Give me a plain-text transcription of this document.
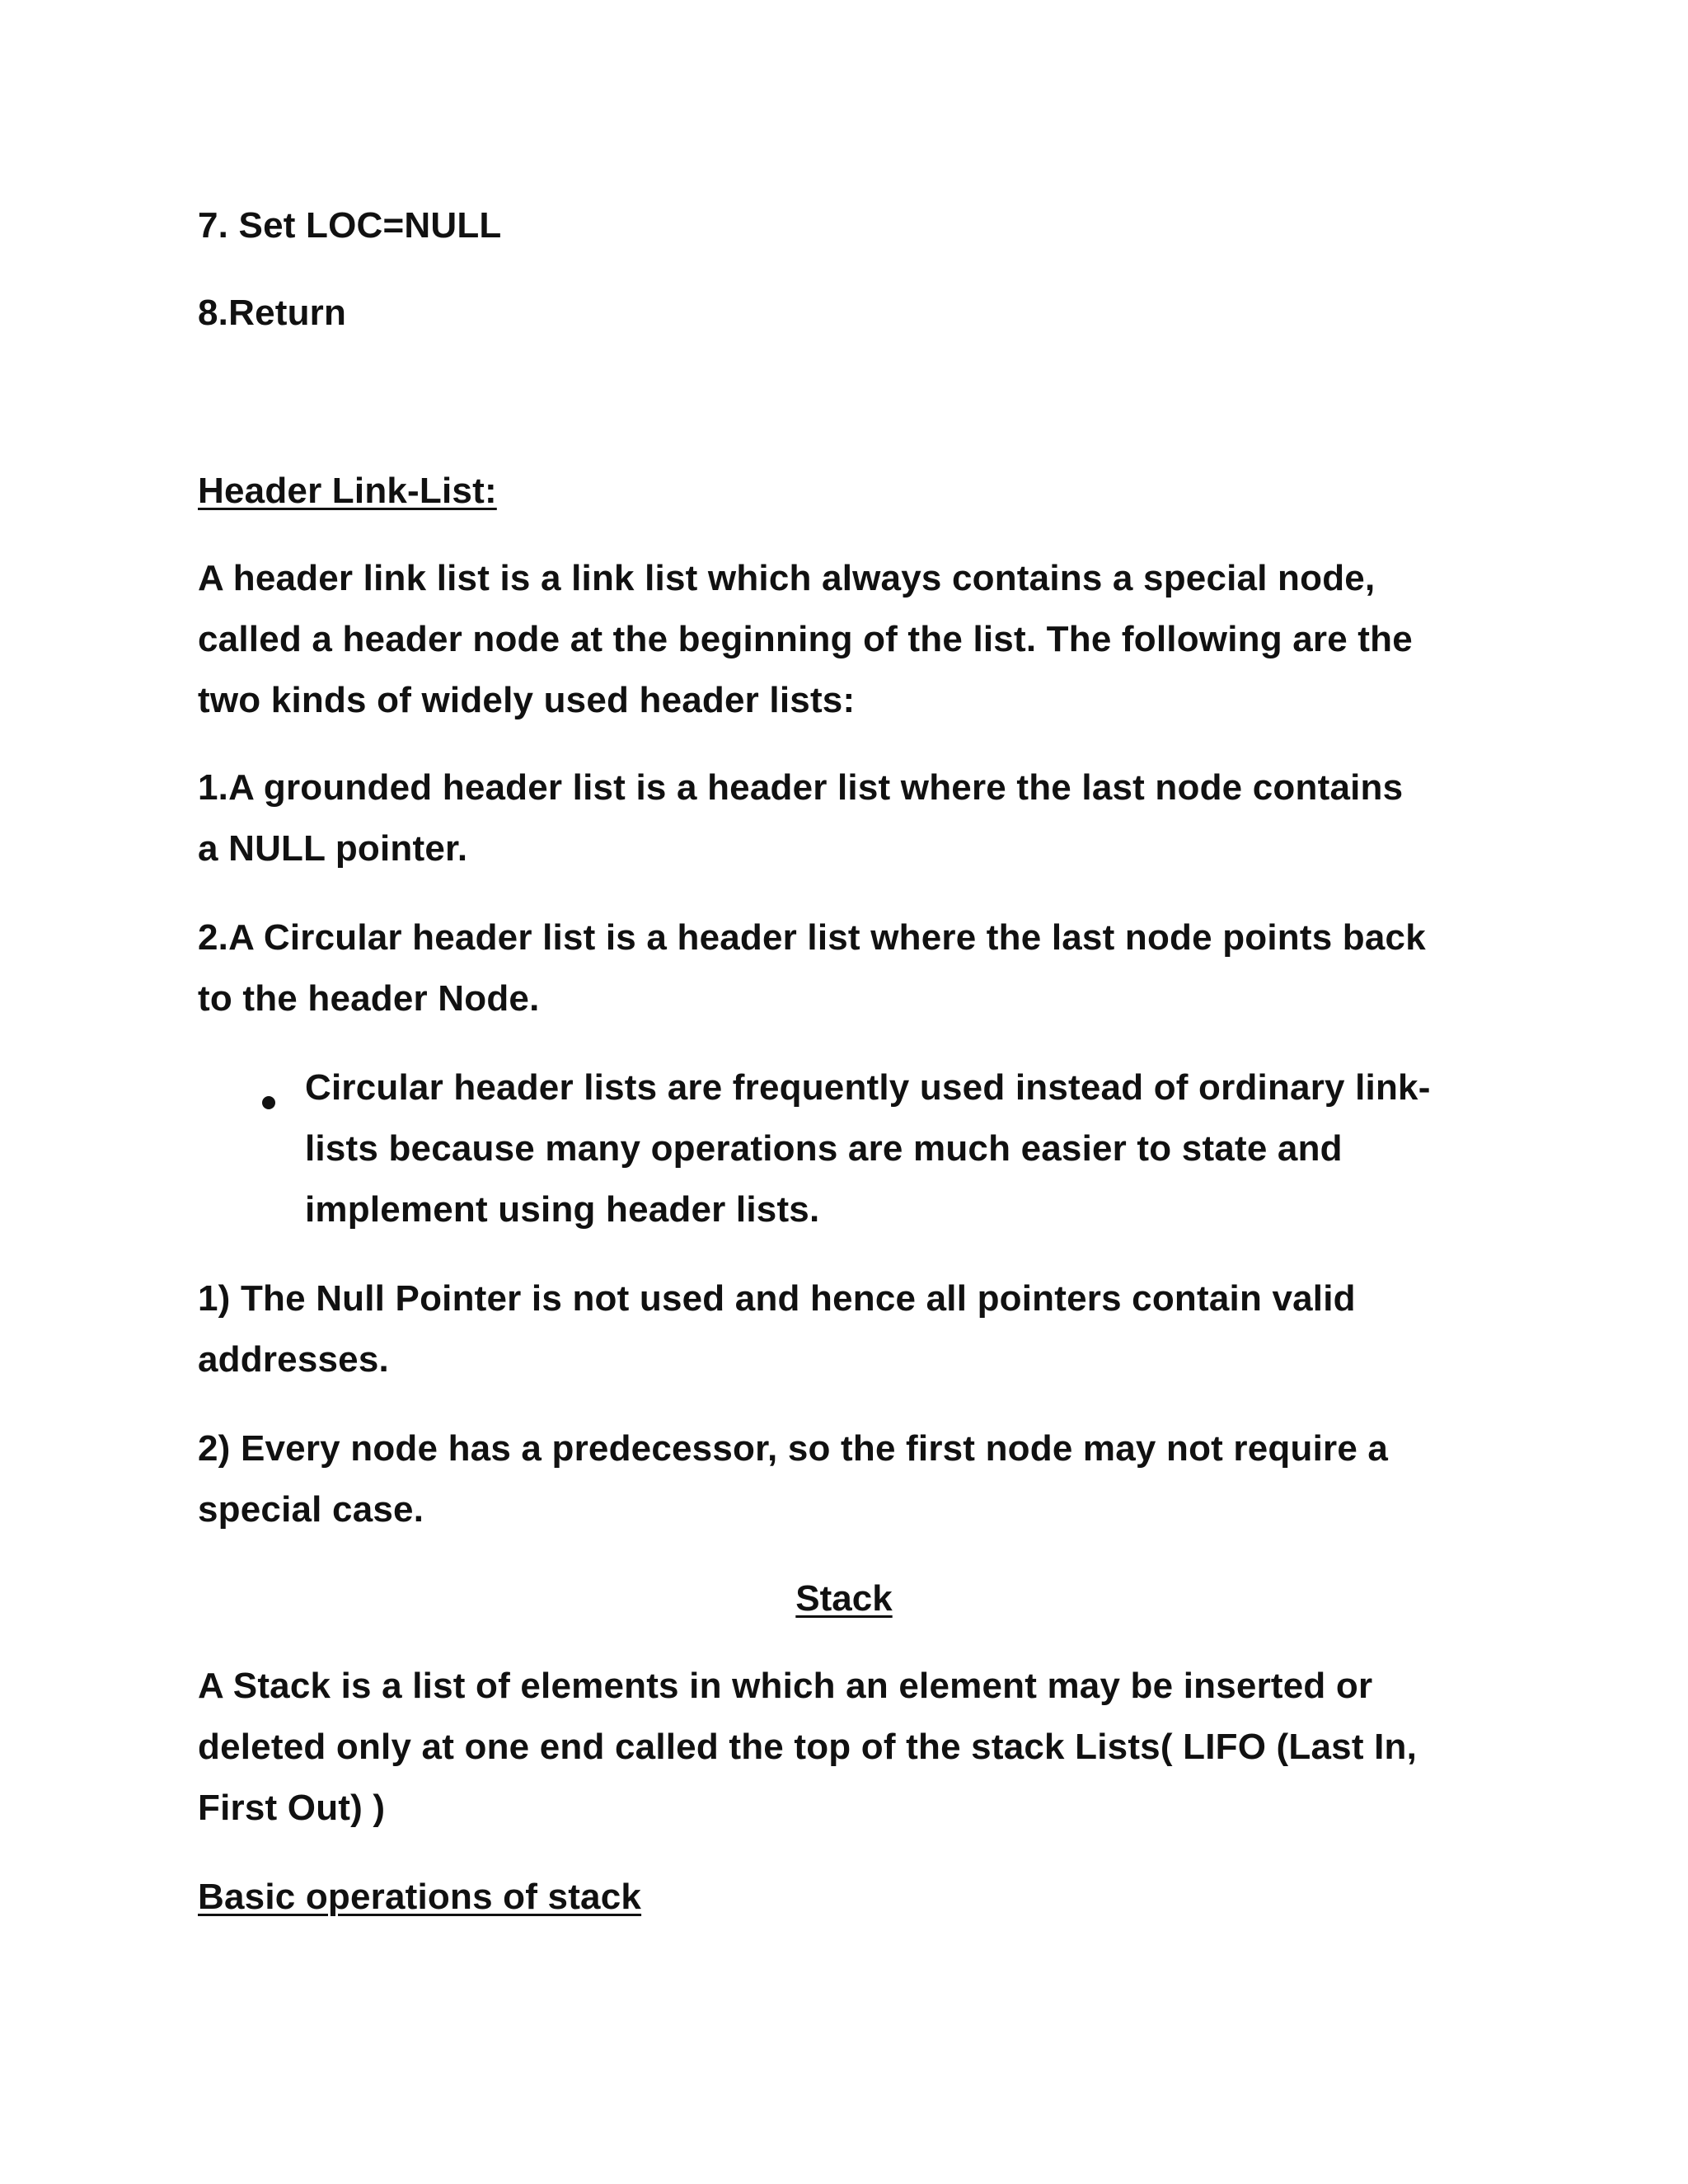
7. Set LOC=NULL
8.Return
Header Link-List:
A header link list is a link list which always contains a special node,
called a header node at the beginning of the list. The following are the
two kinds of widely used header lists:
1.A grounded header list is a header list where the last node contains
a NULL pointer.
2.A Circular header list is a header list where the last node points back
to the header Node.
Circular header lists are frequently used instead of ordinary link-
lists because many operations are much easier to state and
implement using header lists.
1) The Null Pointer is not used and hence all pointers contain valid
addresses.
2) Every node has a predecessor, so the first node may not require a
special case.
Stack
A Stack is a list of elements in which an element may be inserted or
deleted only at one end called the top of the stack Lists( LIFO (Last In,
First Out) )
Basic operations of stack
